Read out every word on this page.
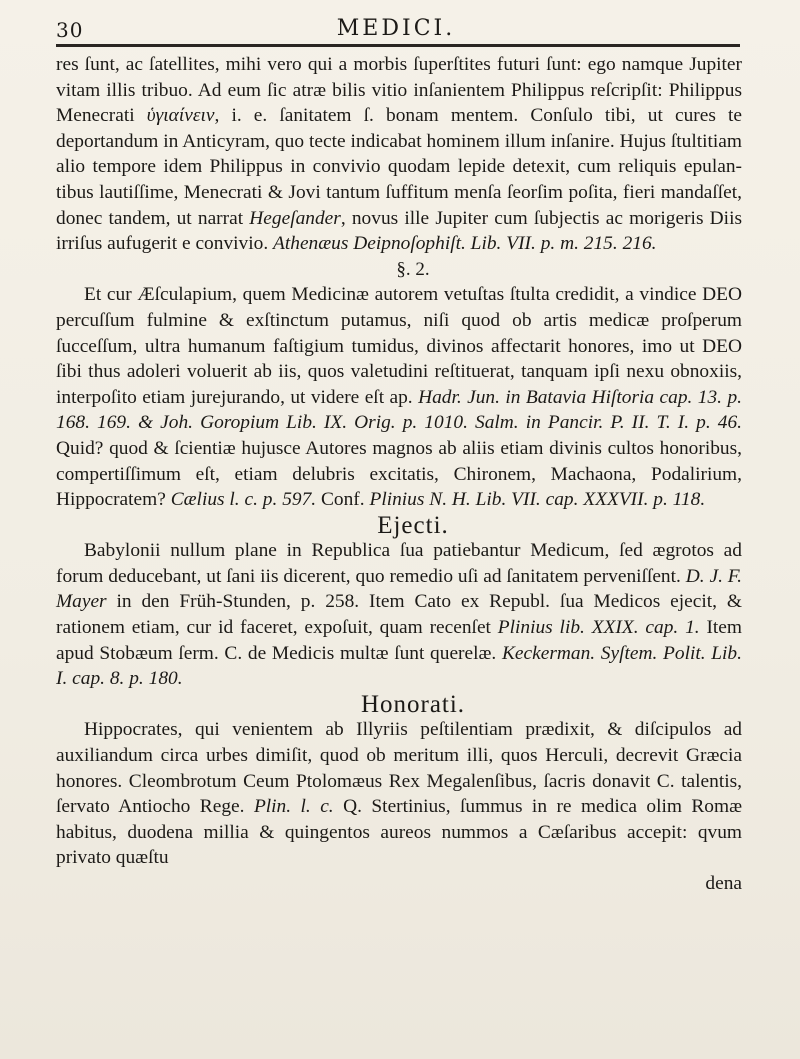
30	MEDICI.

res ſunt, ac ſatellites, mihi vero qui a morbis ſuperſtites futuri ſunt: ego namque Jupiter vitam illis tribuo. Ad eum ſic atræ bilis vitio inſanientem Philippus reſcripſit: Philippus Menecrati ὑγιαίνειν, i. e. ſanitatem ſ. bonam mentem. Conſulo tibi, ut cures te deportandum in Anticyram, quo tecte indicabat hominem illum inſanire. Hujus ſtultitiam alio tempore idem Philippus in convivio quodam lepide detexit, cum reliquis epulantibus lautiſſime, Menecrati & Jovi tantum ſuffitum menſa ſeorſim poſita, fieri mandaſſet, donec tandem, ut narrat Hegeſander, novus ille Jupiter cum ſubjectis ac morigeris Diis irriſus aufugerit e convivio. Athenæus Deipnoſophiſt. Lib. VII. p. m. 215. 216.

§. 2.

Et cur Æſculapium, quem Medicinæ autorem vetuſtas ſtulta credidit, a vindice DEO percuſſum fulmine & exſtinctum putamus, niſi quod ob artis medicæ proſperum ſucceſſum, ultra humanum faſtigium tumidus, divinos affectarit honores, imo ut DEO ſibi thus adoleri voluerit ab iis, quos valetudini reſtituerat, tanquam ipſi nexu obnoxiis, interpoſito etiam jurejurando, ut videre eſt ap. Hadr. Jun. in Batavia Hiſtoria cap. 13. p. 168. 169. & Joh. Goropium Lib. IX. Orig. p. 1010. Salm. in Pancir. P. II. T. I. p. 46. Quid? quod & ſcientiæ hujusce Autores magnos ab aliis etiam divinis cultos honoribus, compertiſſimum eſt, etiam delubris excitatis, Chironem, Machaona, Podalirium, Hippocratem? Cælius l. c. p. 597. Conf. Plinius N. H. Lib. VII. cap. XXXVII. p. 118.

Ejecti.

Babylonii nullum plane in Republica ſua patiebantur Medicum, ſed ægrotos ad forum deducebant, ut ſani iis dicerent, quo remedio uſi ad ſanitatem perveniſſent. D. J. F. Mayer in den Früh-Stunden, p. 258. Item Cato ex Republ. ſua Medicos ejecit, & rationem etiam, cur id faceret, expoſuit, quam recenſet Plinius lib. XXIX. cap. 1. Item apud Stobæum ſerm. C. de Medicis multæ ſunt querelæ. Keckerman. Syſtem. Polit. Lib. I. cap. 8. p. 180.

Honorati.

Hippocrates, qui venientem ab Illyriis peſtilentiam prædixit, & diſcipulos ad auxiliandum circa urbes dimiſit, quod ob meritum illi, quos Herculi, decrevit Græcia honores. Cleombrotum Ceum Ptolomæus Rex Megalenſibus, ſacris donavit C. talentis, ſervato Antiocho Rege. Plin. l. c. Q. Stertinius, ſummus in re medica olim Romæ habitus, duodena millia & quingentos aureos nummos a Cæſaribus accepit: qvum privato quæſtu

dena
